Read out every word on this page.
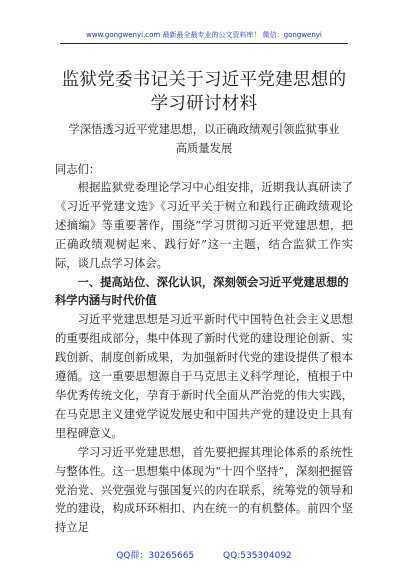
www.gongwenyi.com 最新最全最专业的公文资料库！ 微信：gongwenyi
监狱党委书记关于习近平党建思想的学习研讨材料
学深悟透习近平党建思想，以正确政绩观引领监狱事业高质量发展
同志们：

根据监狱党委理论学习中心组安排，近期我认真研读了《习近平党建文选》《习近平关于树立和践行正确政绩观论述摘编》等重要著作，围绕“学习贯彻习近平党建思想，把正确政绩观树起来、践行好”这一主题，结合监狱工作实际，谈几点学习体会。

一、提高站位、深化认识，深刻领会习近平党建思想的科学内涵与时代价值

习近平党建思想是习近平新时代中国特色社会主义思想的重要组成部分，集中体现了新时代党的建设理论创新、实践创新、制度创新成果，为加强新时代党的建设提供了根本遵循。这一重要思想源自于马克思主义科学理论，植根于中华优秀传统文化，孕育于新时代全面从严治党的伟大实践，在马克思主义建党学说发展史和中国共产党的建设史上具有里程碑意义。

学习习近平党建思想，首先要把握其理论体系的系统性与整体性。这一思想集中体现为“十四个坚持”，深刻把握管党治党、兴党强党与强国复兴的内在联系，统筹党的领导和党的建设，构成环环相扣、内在统一的有机整体。前四个坚持立足

QQ群：30265665	QQ:535304092
